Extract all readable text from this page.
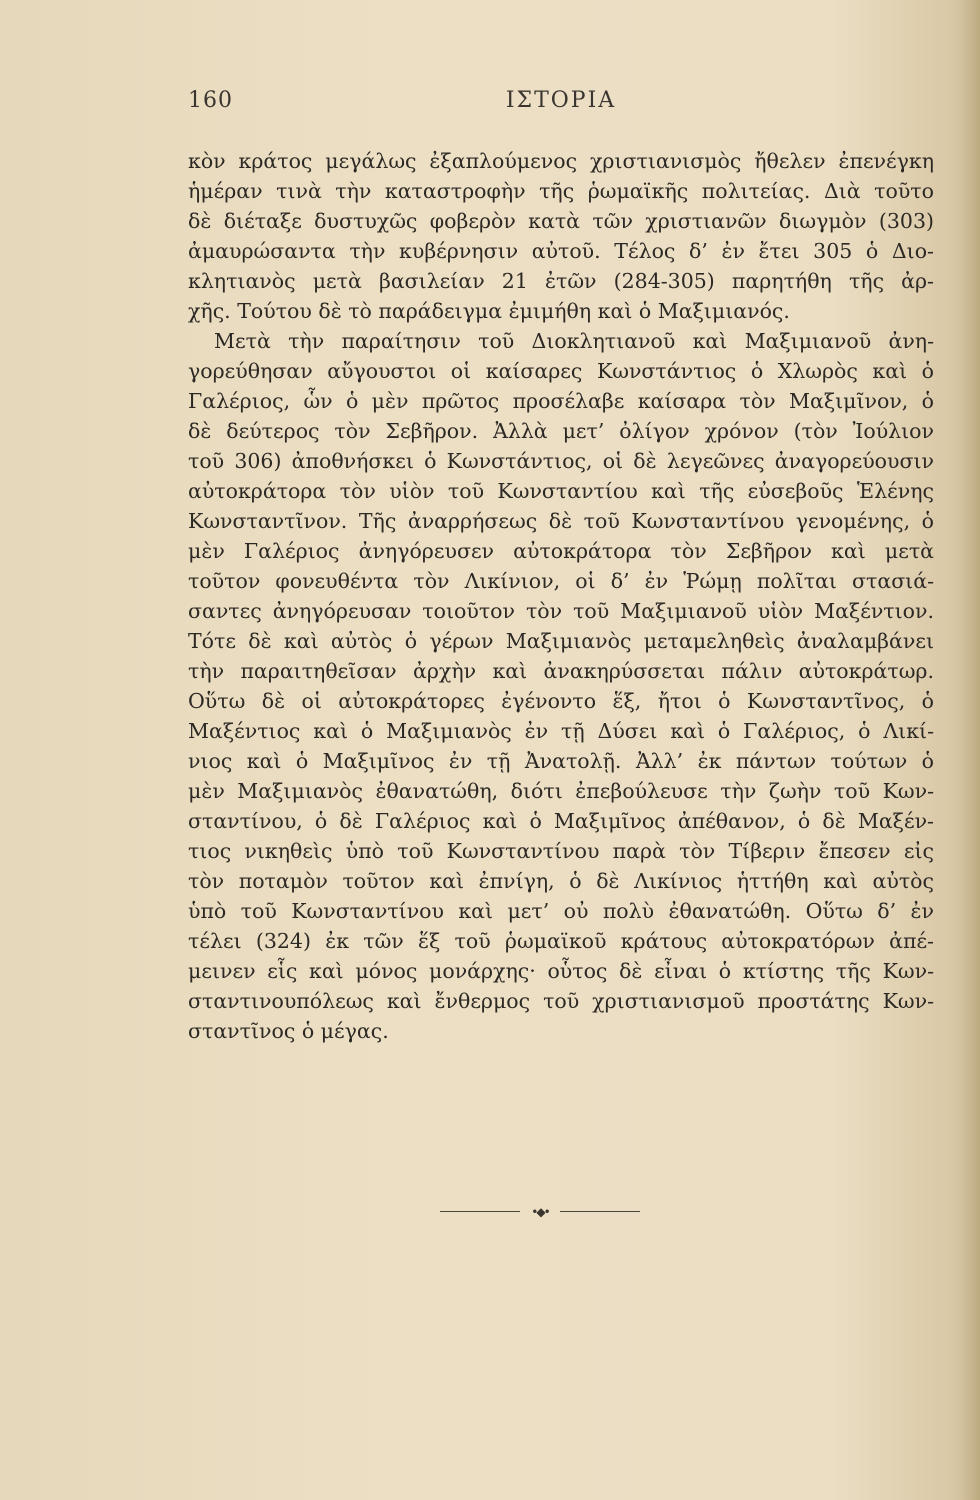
160	ΙΣΤΟΡΙΑ
κὸν κράτος μεγάλως ἐξαπλούμενος χριστιανισμὸς ἤθελεν ἐπενέγκη
ἡμέραν τινὰ τὴν καταστροφὴν τῆς ῥωμαϊκῆς πολιτείας. Διὰ τοῦτο
δὲ διέταξε δυστυχῶς φοβερὸν κατὰ τῶν χριστιανῶν διωγμὸν (303)
ἀμαυρώσαντα τὴν κυβέρνησιν αὐτοῦ. Τέλος δ’ ἐν ἔτει 305 ὁ Διο-
κλητιανὸς μετὰ βασιλείαν 21 ἐτῶν (284-305) παρητήθη τῆς ἀρ-
χῆς. Τούτου δὲ τὸ παράδειγμα ἐμιμήθη καὶ ὁ Μαξιμιανός.
Μετὰ τὴν παραίτησιν τοῦ Διοκλητιανοῦ καὶ Μαξιμιανοῦ ἀνη-
γορεύθησαν αὔγουστοι οἱ καίσαρες Κωνστάντιος ὁ Χλωρὸς καὶ ὁ
Γαλέριος, ὧν ὁ μὲν πρῶτος προσέλαβε καίσαρα τὸν Μαξιμῖνον, ὁ
δὲ δεύτερος τὸν Σεβῆρον. Ἀλλὰ μετ’ ὀλίγον χρόνον (τὸν Ἰούλιον
τοῦ 306) ἀποθνήσκει ὁ Κωνστάντιος, οἱ δὲ λεγεῶνες ἀναγορεύουσιν
αὐτοκράτορα τὸν υἱὸν τοῦ Κωνσταντίου καὶ τῆς εὐσεβοῦς Ἑλένης
Κωνσταντῖνον. Τῆς ἀναρρήσεως δὲ τοῦ Κωνσταντίνου γενομένης, ὁ
μὲν Γαλέριος ἀνηγόρευσεν αὐτοκράτορα τὸν Σεβῆρον καὶ μετὰ
τοῦτον φονευθέντα τὸν Λικίνιον, οἱ δ’ ἐν Ῥώμῃ πολῖται στασιά-
σαντες ἀνηγόρευσαν τοιοῦτον τὸν τοῦ Μαξιμιανοῦ υἱὸν Μαξέντιον.
Τότε δὲ καὶ αὐτὸς ὁ γέρων Μαξιμιανὸς μεταμεληθεὶς ἀναλαμβάνει
τὴν παραιτηθεῖσαν ἀρχὴν καὶ ἀνακηρύσσεται πάλιν αὐτοκράτωρ.
Οὕτω δὲ οἱ αὐτοκράτορες ἐγένοντο ἕξ, ἤτοι ὁ Κωνσταντῖνος, ὁ
Μαξέντιος καὶ ὁ Μαξιμιανὸς ἐν τῇ Δύσει καὶ ὁ Γαλέριος, ὁ Λικί-
νιος καὶ ὁ Μαξιμῖνος ἐν τῇ Ἀνατολῇ. Ἀλλ’ ἐκ πάντων τούτων ὁ
μὲν Μαξιμιανὸς ἐθανατώθη, διότι ἐπεβούλευσε τὴν ζωὴν τοῦ Κων-
σταντίνου, ὁ δὲ Γαλέριος καὶ ὁ Μαξιμῖνος ἀπέθανον, ὁ δὲ Μαξέν-
τιος νικηθεὶς ὑπὸ τοῦ Κωνσταντίνου παρὰ τὸν Τίβεριν ἔπεσεν εἰς
τὸν ποταμὸν τοῦτον καὶ ἐπνίγη, ὁ δὲ Λικίνιος ἡττήθη καὶ αὐτὸς
ὑπὸ τοῦ Κωνσταντίνου καὶ μετ’ οὐ πολὺ ἐθανατώθη. Οὕτω δ’ ἐν
τέλει (324) ἐκ τῶν ἕξ τοῦ ῥωμαϊκοῦ κράτους αὐτοκρατόρων ἀπέ-
μεινεν εἷς καὶ μόνος μονάρχης· οὗτος δὲ εἶναι ὁ κτίστης τῆς Κων-
σταντινουπόλεως καὶ ἔνθερμος τοῦ χριστιανισμοῦ προστάτης Κων-
σταντῖνος ὁ μέγας.
•◆•
